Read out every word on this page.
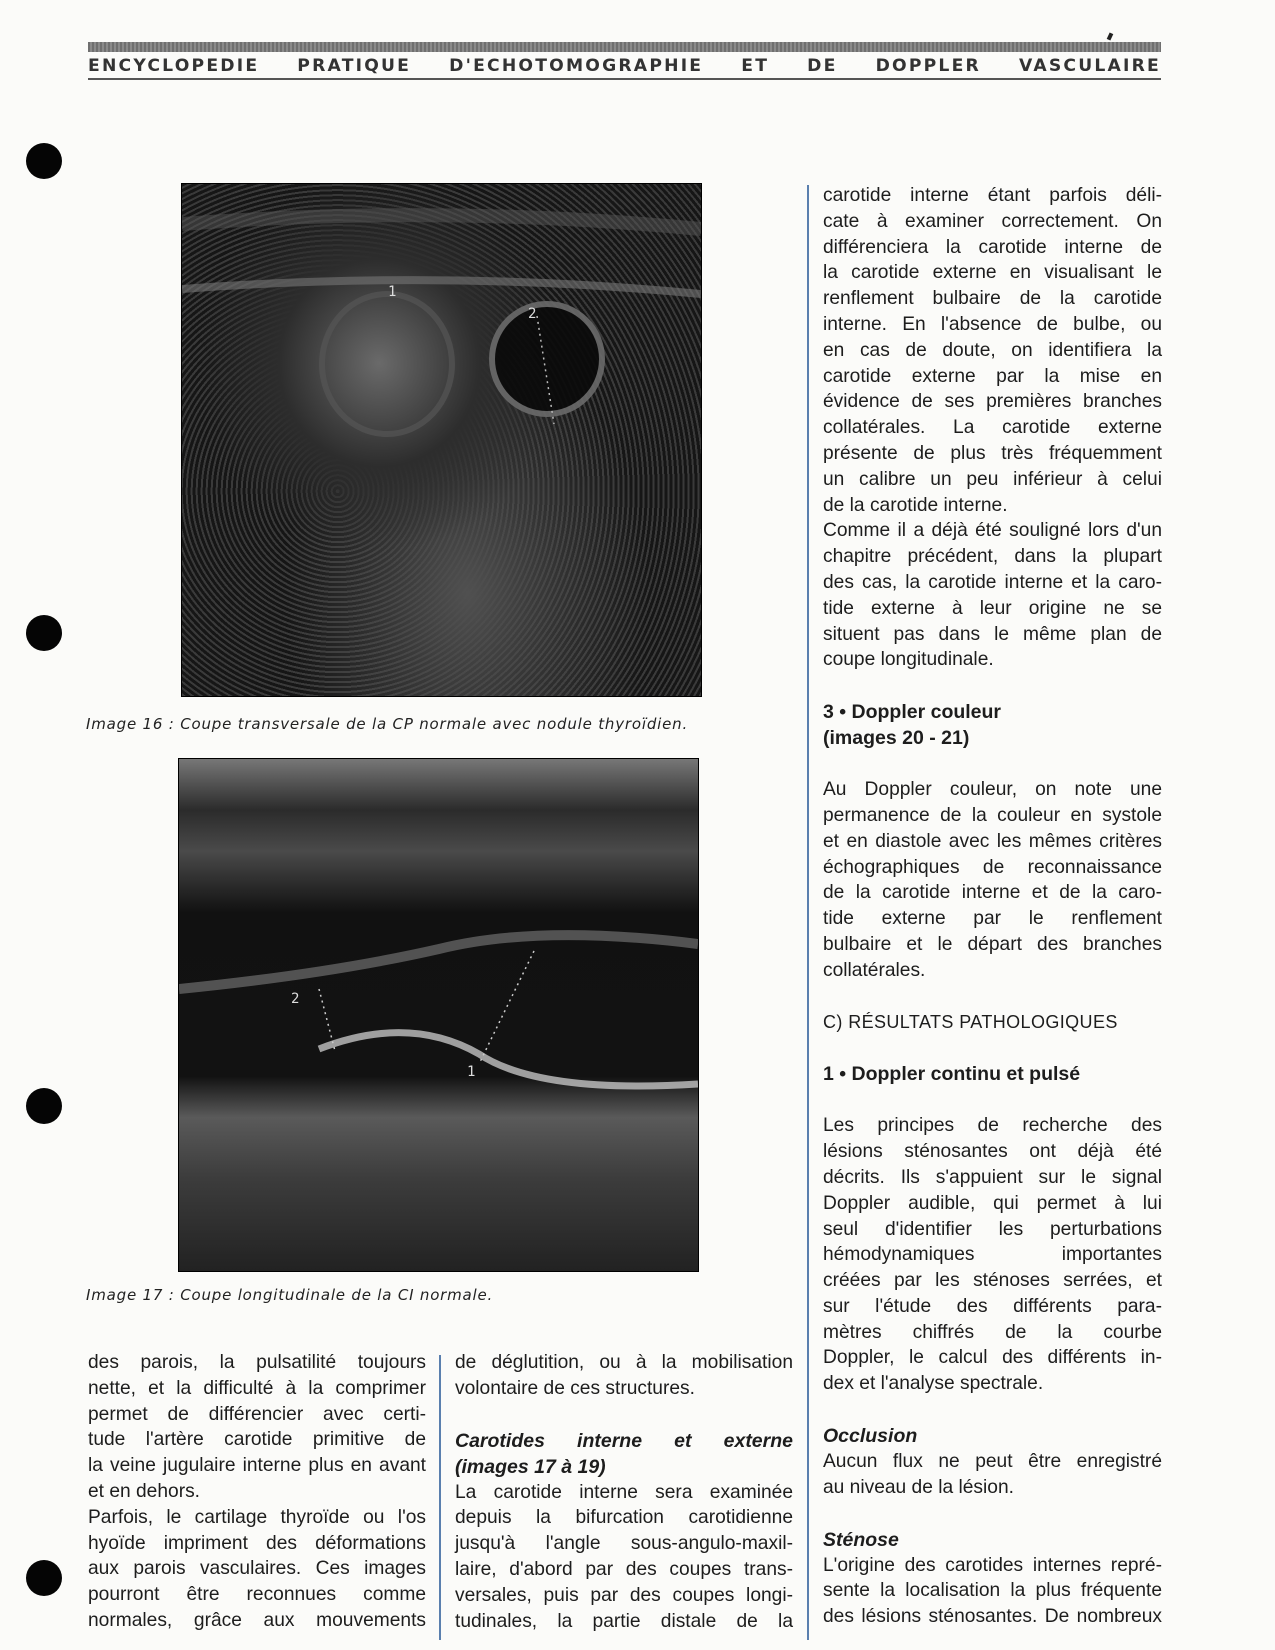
ENCYCLOPEDIE PRATIQUE D'ECHOTOMOGRAPHIE ET DE DOPPLER VASCULAIRE
1
2
Image 16 : Coupe transversale de la CP normale avec nodule thyroïdien.
2
1
Image 17 : Coupe longitudinale de la CI normale.
des parois, la pulsatilité toujours
nette, et la difficulté à la comprimer
permet de différencier avec certi-
tude l'artère carotide primitive de
la veine jugulaire interne plus en avant
et en dehors.
Parfois, le cartilage thyroïde ou l'os
hyoïde impriment des déformations
aux parois vasculaires. Ces images
pourront être reconnues comme
normales, grâce aux mouvements
de déglutition, ou à la mobilisation
volontaire de ces structures.
Carotides interne et externe
(images 17 à 19)
La carotide interne sera examinée
depuis la bifurcation carotidienne
jusqu'à l'angle sous-angulo-maxil-
laire, d'abord par des coupes trans-
versales, puis par des coupes longi-
tudinales, la partie distale de la
carotide interne étant parfois déli-
cate à examiner correctement. On
différenciera la carotide interne de
la carotide externe en visualisant le
renflement bulbaire de la carotide
interne. En l'absence de bulbe, ou
en cas de doute, on identifiera la
carotide externe par la mise en
évidence de ses premières branches
collatérales. La carotide externe
présente de plus très fréquemment
un calibre un peu inférieur à celui
de la carotide interne.
Comme il a déjà été souligné lors d'un
chapitre précédent, dans la plupart
des cas, la carotide interne et la caro-
tide externe à leur origine ne se
situent pas dans le même plan de
coupe longitudinale.
3 • Doppler couleur
(images 20 - 21)
Au Doppler couleur, on note une
permanence de la couleur en systole
et en diastole avec les mêmes critères
échographiques de reconnaissance
de la carotide interne et de la caro-
tide externe par le renflement
bulbaire et le départ des branches
collatérales.
C) RÉSULTATS PATHOLOGIQUES
1 • Doppler continu et pulsé
Les principes de recherche des
lésions sténosantes ont déjà été
décrits. Ils s'appuient sur le signal
Doppler audible, qui permet à lui
seul d'identifier les perturbations
hémodynamiques importantes
créées par les sténoses serrées, et
sur l'étude des différents para-
mètres chiffrés de la courbe
Doppler, le calcul des différents in-
dex et l'analyse spectrale.
Occlusion
Aucun flux ne peut être enregistré
au niveau de la lésion.
Sténose
L'origine des carotides internes repré-
sente la localisation la plus fréquente
des lésions sténosantes. De nombreux
